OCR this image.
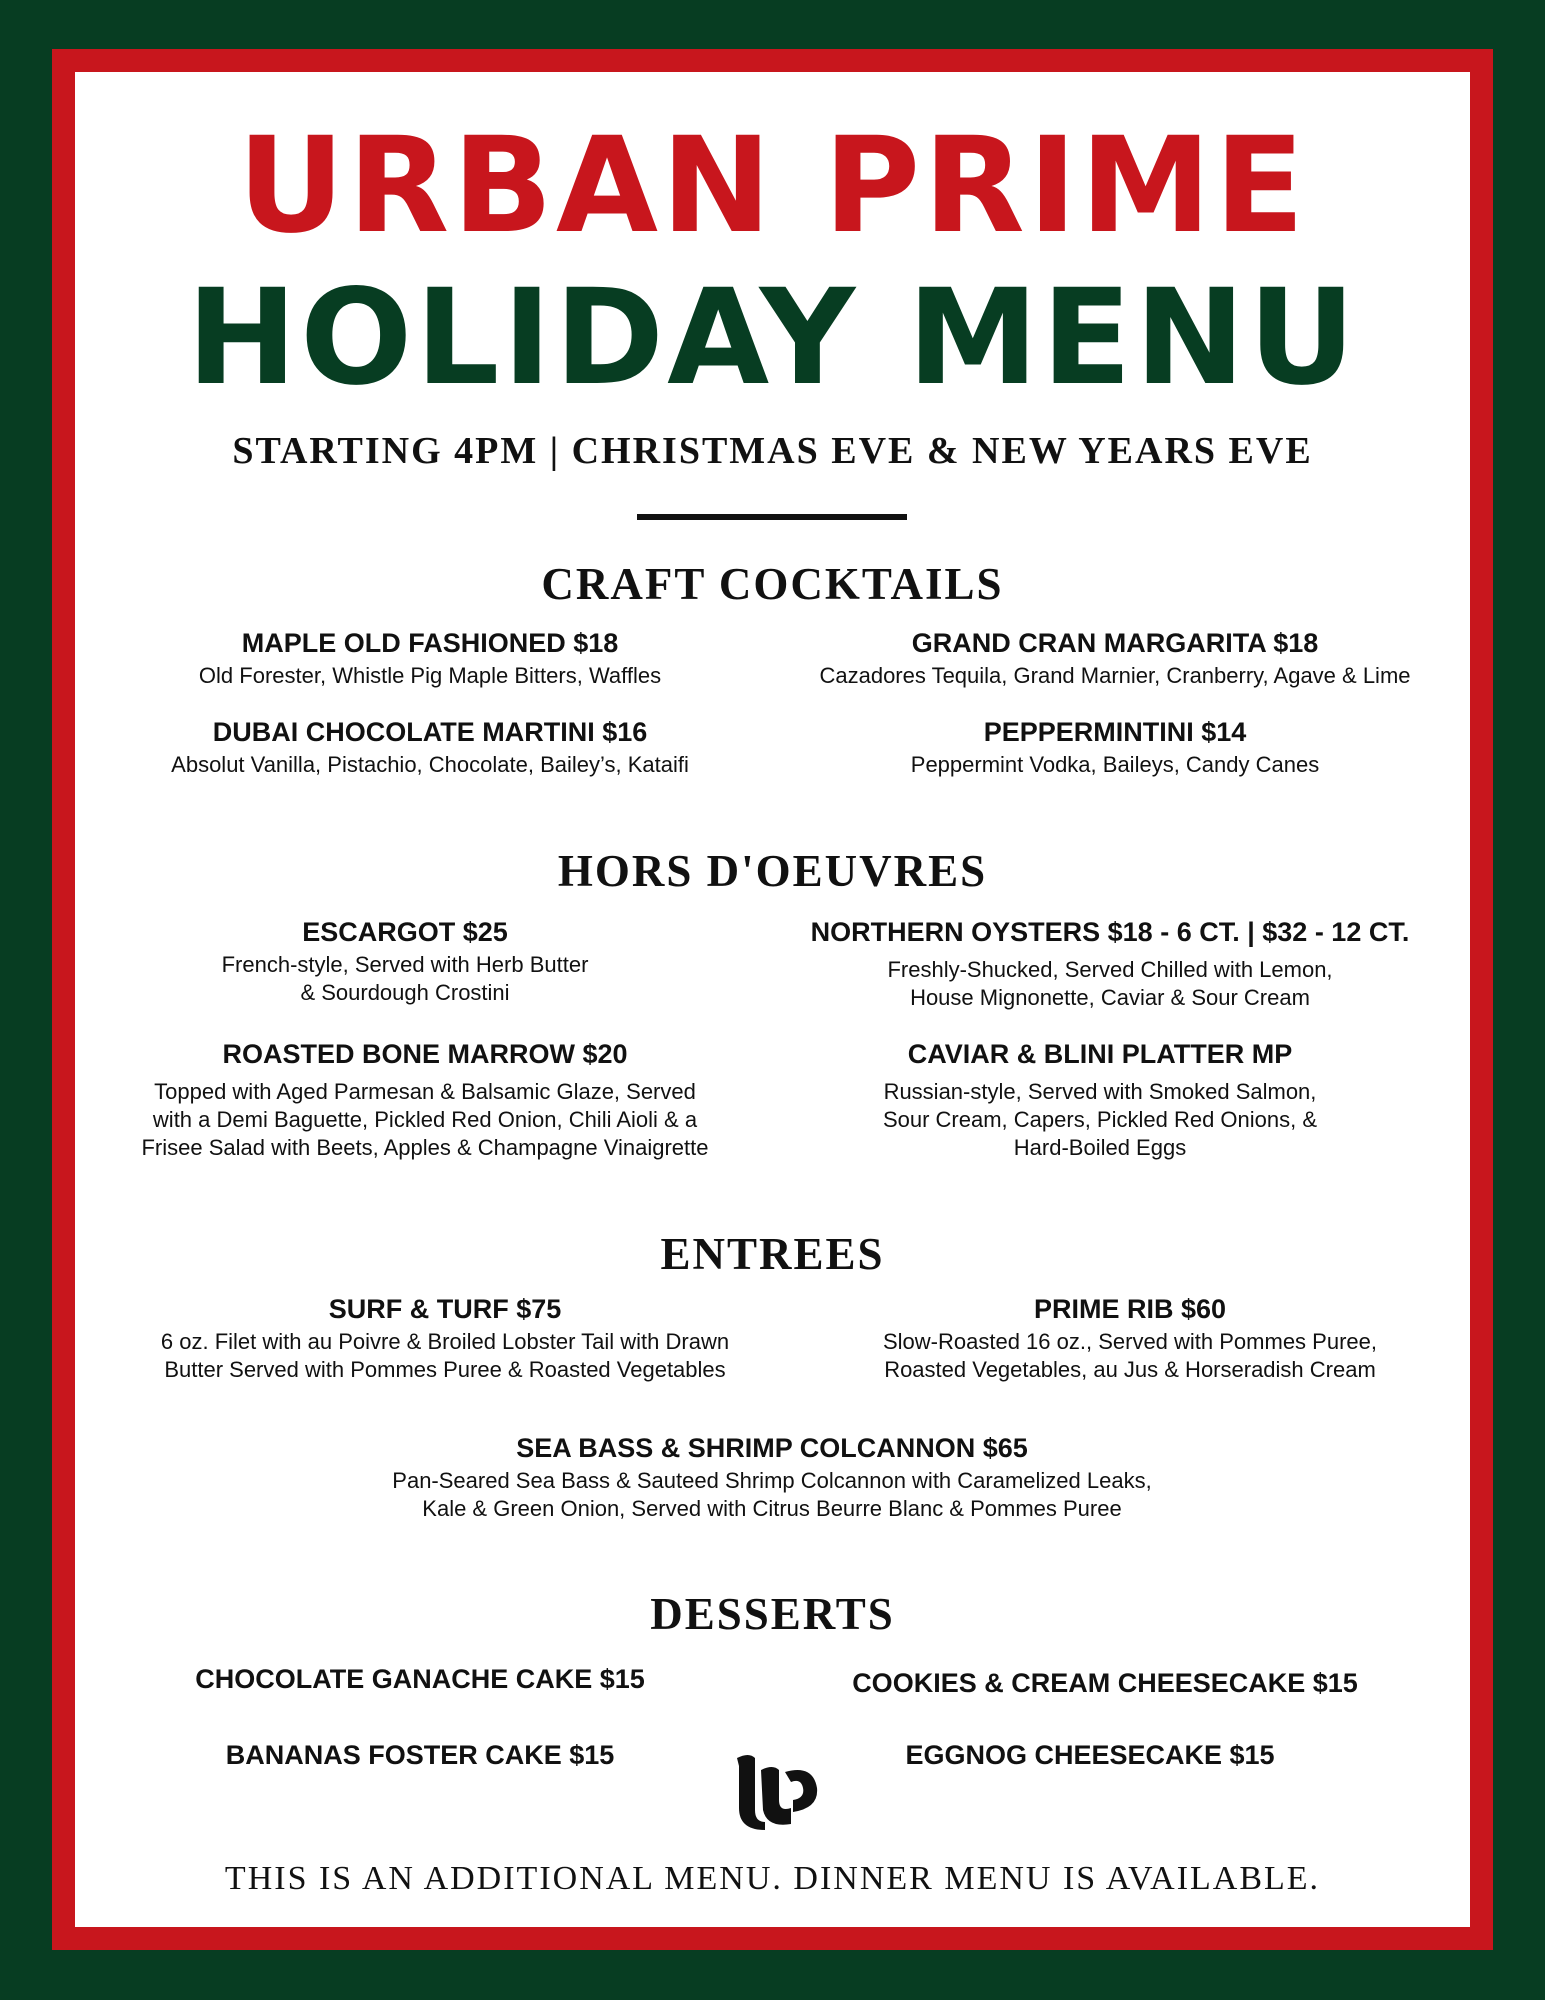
URBAN PRIME
HOLIDAY MENU
STARTING 4PM | CHRISTMAS EVE & NEW YEARS EVE
CRAFT COCKTAILS
MAPLE OLD FASHIONED $18
Old Forester, Whistle Pig Maple Bitters, Waffles
GRAND CRAN MARGARITA $18
Cazadores Tequila, Grand Marnier, Cranberry, Agave & Lime
DUBAI CHOCOLATE MARTINI $16
Absolut Vanilla, Pistachio, Chocolate, Bailey’s, Kataifi
PEPPERMINTINI $14
Peppermint Vodka, Baileys, Candy Canes
HORS D'OEUVRES
ESCARGOT $25
French-style, Served with Herb Butter
& Sourdough Crostini
NORTHERN OYSTERS $18 - 6 CT. | $32 - 12 CT.
Freshly-Shucked, Served Chilled with Lemon,
House Mignonette, Caviar & Sour Cream
ROASTED BONE MARROW $20
Topped with Aged Parmesan & Balsamic Glaze, Served
with a Demi Baguette, Pickled Red Onion, Chili Aioli & a
Frisee Salad with Beets, Apples & Champagne Vinaigrette
CAVIAR & BLINI PLATTER MP
Russian-style, Served with Smoked Salmon,
Sour Cream, Capers, Pickled Red Onions, &
Hard-Boiled Eggs
ENTREES
SURF & TURF $75
6 oz. Filet with au Poivre & Broiled Lobster Tail with Drawn
Butter Served with Pommes Puree & Roasted Vegetables
PRIME RIB $60
Slow-Roasted 16 oz., Served with Pommes Puree,
Roasted Vegetables, au Jus & Horseradish Cream
SEA BASS & SHRIMP COLCANNON $65
Pan-Seared Sea Bass & Sauteed Shrimp Colcannon with Caramelized Leaks,
Kale & Green Onion, Served with Citrus Beurre Blanc & Pommes Puree
DESSERTS
CHOCOLATE GANACHE CAKE $15	COOKIES & CREAM CHEESECAKE $15
BANANAS FOSTER CAKE $15	EGGNOG CHEESECAKE $15
THIS IS AN ADDITIONAL MENU. DINNER MENU IS AVAILABLE.
